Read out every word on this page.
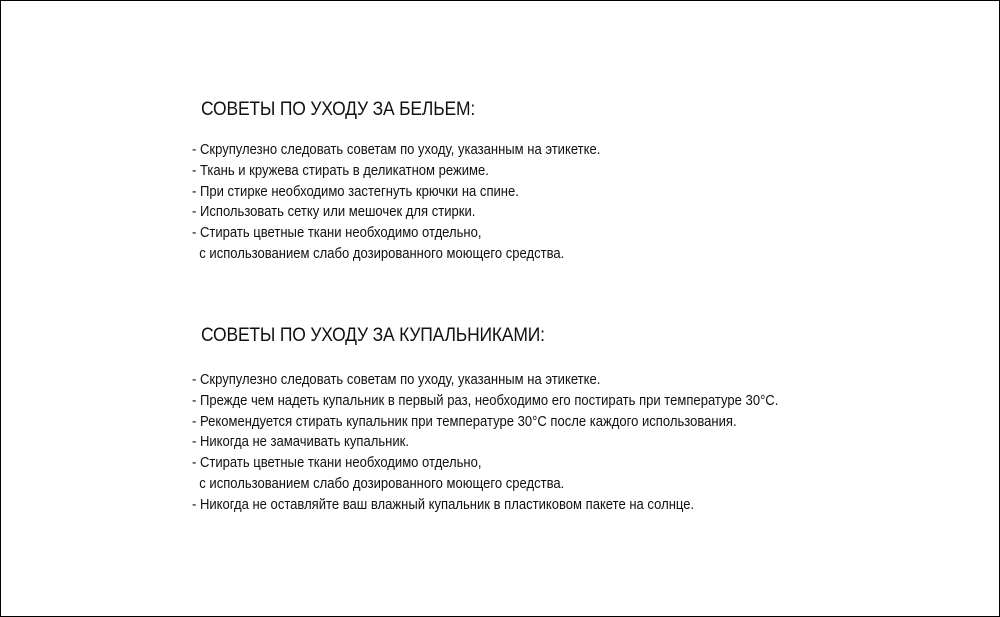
СОВЕТЫ ПО УХОДУ ЗА БЕЛЬЕМ:
- Скрупулезно следовать советам по уходу, указанным на этикетке.
- Ткань и кружева стирать в деликатном режиме.
- При стирке необходимо застегнуть крючки на спине.
- Использовать сетку или мешочек для стирки.
- Стирать цветные ткани необходимо отдельно,
с использованием слабо дозированного моющего средства.
СОВЕТЫ ПО УХОДУ ЗА КУПАЛЬНИКАМИ:
- Скрупулезно следовать советам по уходу, указанным на этикетке.
- Прежде чем надеть купальник в первый раз, необходимо его постирать при температуре 30°C.
- Рекомендуется стирать купальник при температуре 30°C после каждого использования.
- Никогда не замачивать купальник.
- Стирать цветные ткани необходимо отдельно,
с использованием слабо дозированного моющего средства.
- Никогда не оставляйте ваш влажный купальник в пластиковом пакете на солнце.
